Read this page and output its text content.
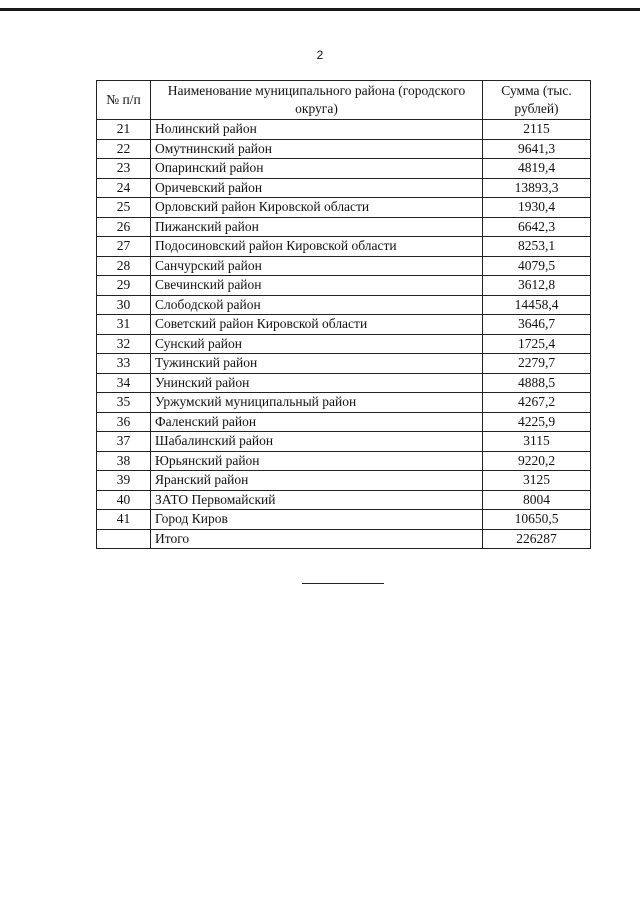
2
№ п/п	Наименование муниципального района (городского округа)	Сумма (тыс. рублей)
21	Нолинский район	2115
22	Омутнинский район	9641,3
23	Опаринский район	4819,4
24	Оричевский район	13893,3
25	Орловский район Кировской области	1930,4
26	Пижанский район	6642,3
27	Подосиновский район Кировской области	8253,1
28	Санчурский район	4079,5
29	Свечинский район	3612,8
30	Слободской район	14458,4
31	Советский район Кировской области	3646,7
32	Сунский район	1725,4
33	Тужинский район	2279,7
34	Унинский район	4888,5
35	Уржумский муниципальный район	4267,2
36	Фаленский район	4225,9
37	Шабалинский район	3115
38	Юрьянский район	9220,2
39	Яранский район	3125
40	ЗАТО Первомайский	8004
41	Город Киров	10650,5
	Итого	226287
